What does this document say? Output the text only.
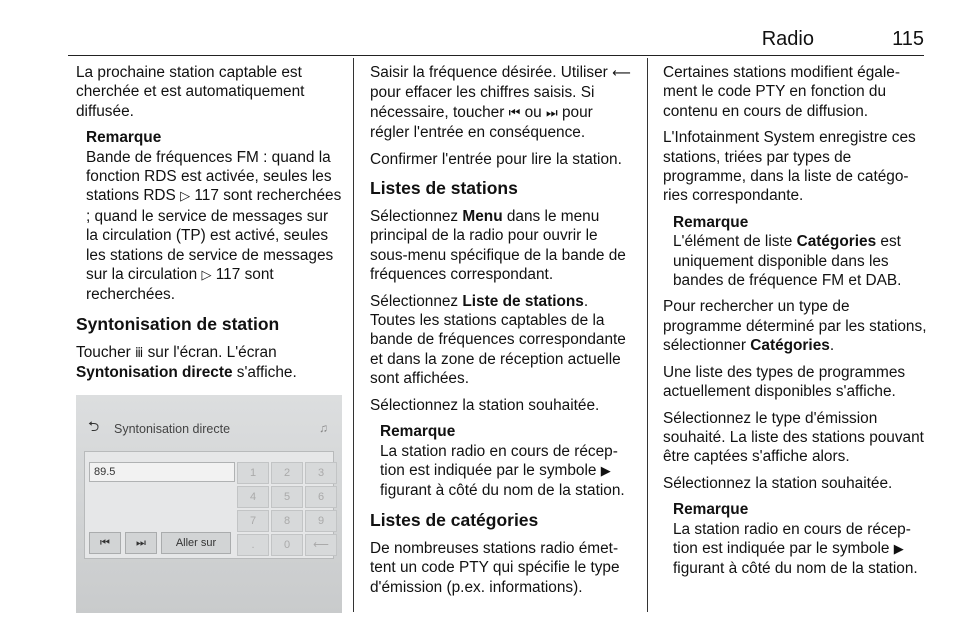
Radio	115

La prochaine station captable est cherchée et est automatiquement diffusée.

Remarque
Bande de fréquences FM : quand la fonction RDS est activée, seules les stations RDS ▷ 117 sont recherchées ; quand le service de messages sur la circulation (TP) est activé, seules les stations de service de messages sur la circulation ▷ 117 sont recherchées.
Syntonisation de station

Toucher ⅲ sur l'écran. L'écran Syntonisation directe s'affiche.

⮌ Syntonisation directe	♫
89.5	1	2	3
4	5	6
7	8	9
.	0	⟵
⏮	⏭	Aller sur

Saisir la fréquence désirée. Utiliser ⟵ pour effacer les chiffres saisis. Si nécessaire, toucher ⏮ ou ⏭ pour régler l'entrée en conséquence.

Confirmer l'entrée pour lire la station.

Listes de stations

Sélectionnez Menu dans le menu principal de la radio pour ouvrir le sous-menu spécifique de la bande de fréquences correspondant.

Sélectionnez Liste de stations. Toutes les stations captables de la bande de fréquences correspondante et dans la zone de réception actuelle sont affichées.

Sélectionnez la station souhaitée.

Remarque
La station radio en cours de réception est indiquée par le symbole ▶ figurant à côté du nom de la station.
Listes de catégories

De nombreuses stations radio émettent un code PTY qui spécifie le type d'émission (p.ex. informations).

Certaines stations modifient également le code PTY en fonction du contenu en cours de diffusion.

L'Infotainment System enregistre ces stations, triées par types de programme, dans la liste de catégories correspondante.

Remarque
L'élément de liste Catégories est uniquement disponible dans les bandes de fréquence FM et DAB.

Pour rechercher un type de programme déterminé par les stations, sélectionner Catégories.

Une liste des types de programmes actuellement disponibles s'affiche.

Sélectionnez le type d'émission souhaité. La liste des stations pouvant être captées s'affiche alors.

Sélectionnez la station souhaitée.

Remarque
La station radio en cours de réception est indiquée par le symbole ▶ figurant à côté du nom de la station.
